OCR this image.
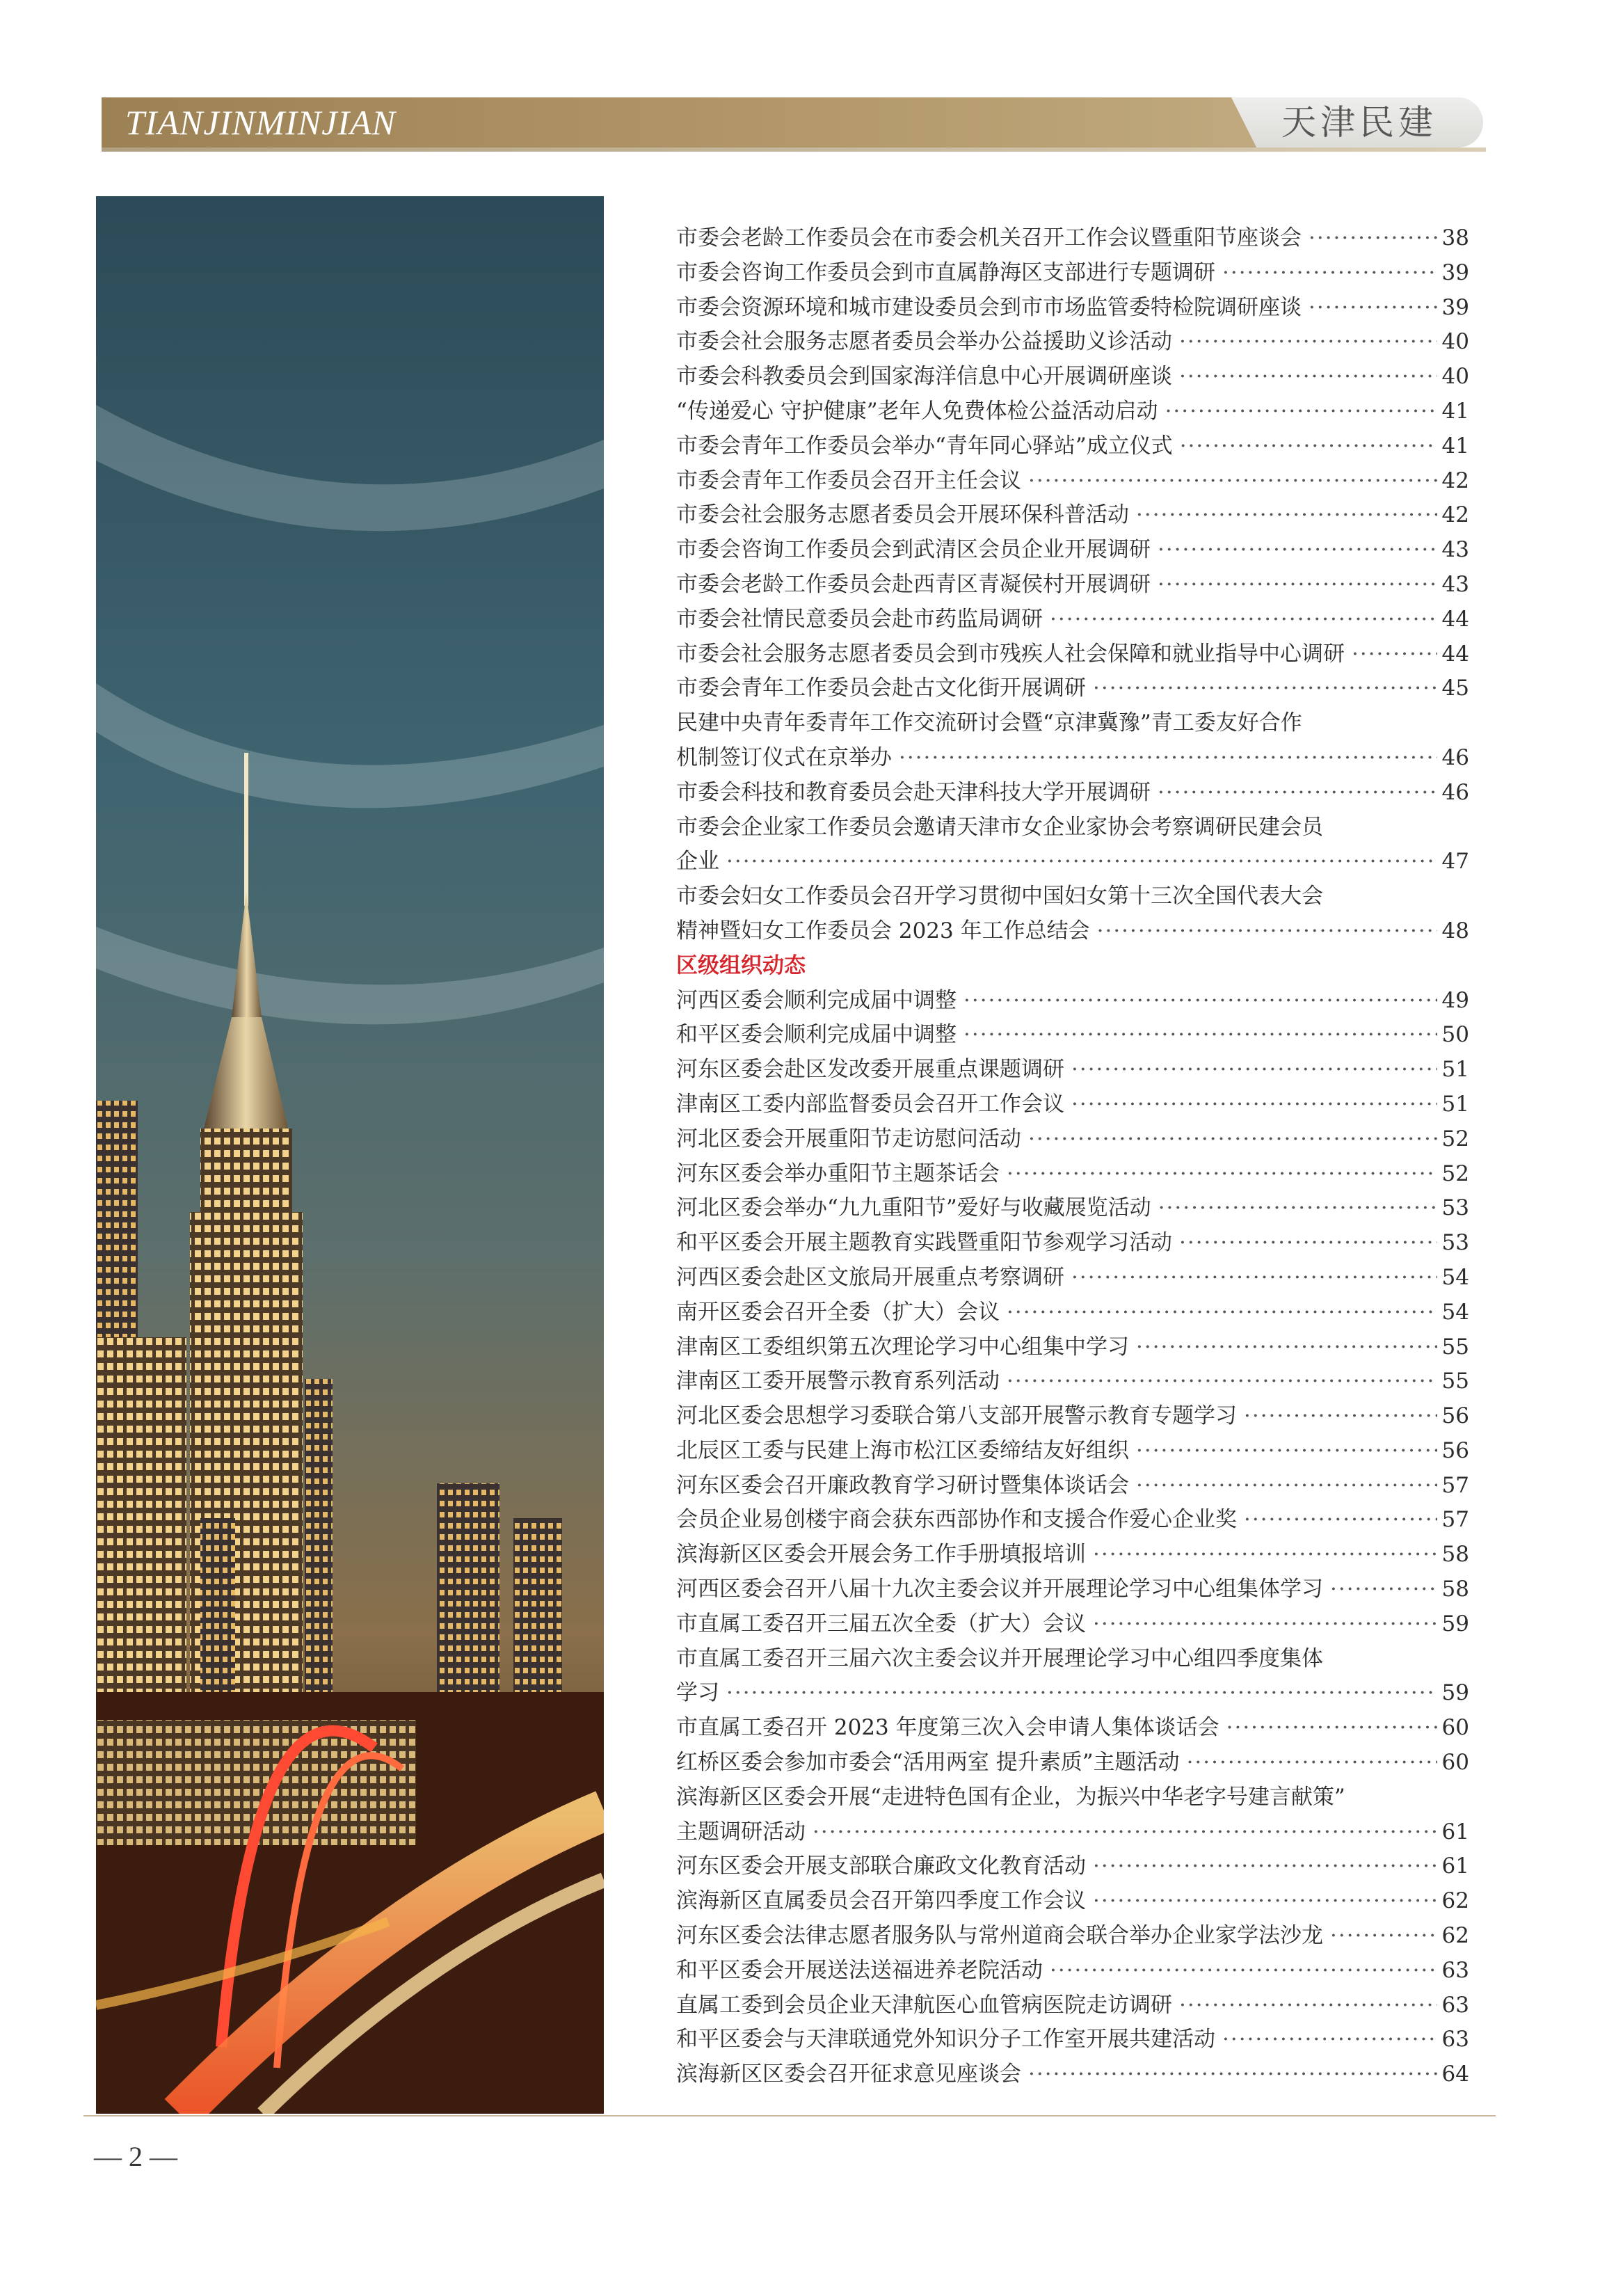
TIANJINMINJIAN	天津民建
市委会老龄工作委员会在市委会机关召开工作会议暨重阳节座谈会 ·····	38
市委会咨询工作委员会到市直属静海区支部进行专题调研 ·····	39
市委会资源环境和城市建设委员会到市市场监管委特检院调研座谈 ·····	39
市委会社会服务志愿者委员会举办公益援助义诊活动 ·····	40
市委会科教委员会到国家海洋信息中心开展调研座谈 ·····	40
“传递爱心 守护健康”老年人免费体检公益活动启动 ·····	41
市委会青年工作委员会举办“青年同心驿站”成立仪式 ·····	41
市委会青年工作委员会召开主任会议 ·····	42
市委会社会服务志愿者委员会开展环保科普活动 ·····	42
市委会咨询工作委员会到武清区会员企业开展调研 ·····	43
市委会老龄工作委员会赴西青区青凝侯村开展调研 ·····	43
市委会社情民意委员会赴市药监局调研 ·····	44
市委会社会服务志愿者委员会到市残疾人社会保障和就业指导中心调研 ·····	44
市委会青年工作委员会赴古文化街开展调研 ·····	45
民建中央青年委青年工作交流研讨会暨“京津冀豫”青工委友好合作
机制签订仪式在京举办 ·····	46
市委会科技和教育委员会赴天津科技大学开展调研 ·····	46
市委会企业家工作委员会邀请天津市女企业家协会考察调研民建会员
企业 ·····	47
市委会妇女工作委员会召开学习贯彻中国妇女第十三次全国代表大会
精神暨妇女工作委员会 2023 年工作总结会 ·····	48
区级组织动态
河西区委会顺利完成届中调整 ·····	49
和平区委会顺利完成届中调整 ·····	50
河东区委会赴区发改委开展重点课题调研 ·····	51
津南区工委内部监督委员会召开工作会议 ·····	51
河北区委会开展重阳节走访慰问活动 ·····	52
河东区委会举办重阳节主题茶话会 ·····	52
河北区委会举办“九九重阳节”爱好与收藏展览活动 ·····	53
和平区委会开展主题教育实践暨重阳节参观学习活动 ·····	53
河西区委会赴区文旅局开展重点考察调研 ·····	54
南开区委会召开全委（扩大）会议 ·····	54
津南区工委组织第五次理论学习中心组集中学习 ·····	55
津南区工委开展警示教育系列活动 ·····	55
河北区委会思想学习委联合第八支部开展警示教育专题学习 ·····	56
北辰区工委与民建上海市松江区委缔结友好组织 ·····	56
河东区委会召开廉政教育学习研讨暨集体谈话会 ·····	57
会员企业易创楼宇商会获东西部协作和支援合作爱心企业奖 ·····	57
滨海新区区委会开展会务工作手册填报培训 ·····	58
河西区委会召开八届十九次主委会议并开展理论学习中心组集体学习 ·····	58
市直属工委召开三届五次全委（扩大）会议 ·····	59
市直属工委召开三届六次主委会议并开展理论学习中心组四季度集体
学习 ·····	59
市直属工委召开 2023 年度第三次入会申请人集体谈话会 ·····	60
红桥区委会参加市委会“活用两室 提升素质”主题活动 ·····	60
滨海新区区委会开展“走进特色国有企业，为振兴中华老字号建言献策”
主题调研活动 ·····	61
河东区委会开展支部联合廉政文化教育活动 ·····	61
滨海新区直属委员会召开第四季度工作会议 ·····	62
河东区委会法律志愿者服务队与常州道商会联合举办企业家学法沙龙 ·····	62
和平区委会开展送法送福进养老院活动 ·····	63
直属工委到会员企业天津航医心血管病医院走访调研 ·····	63
和平区委会与天津联通党外知识分子工作室开展共建活动 ·····	63
滨海新区区委会召开征求意见座谈会 ·····	64
— 2 —
